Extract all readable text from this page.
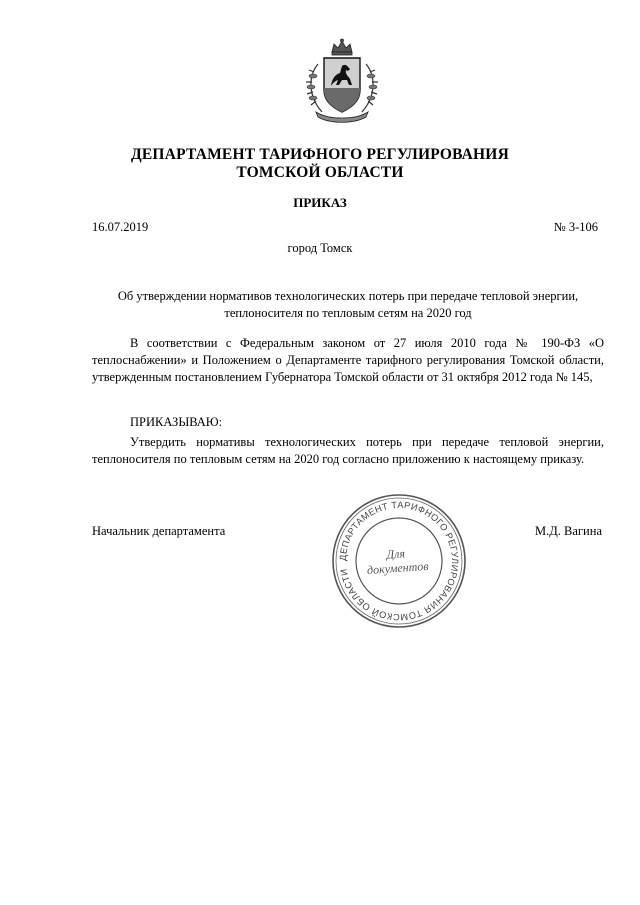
ДЕПАРТАМЕНТ ТАРИФНОГО РЕГУЛИРОВАНИЯ
ТОМСКОЙ ОБЛАСТИ
ПРИКАЗ
16.07.2019	№ 3-106
город Томск
Об утверждении нормативов технологических потерь при передаче тепловой энергии,
теплоносителя по тепловым сетям на 2020 год
В соответствии с Федеральным законом от 27 июля 2010 года № 190-ФЗ «О теплоснабжении» и Положением о Департаменте тарифного регулирования Томской области, утвержденным постановлением Губернатора Томской области от 31 октября 2012 года № 145,
ПРИКАЗЫВАЮ:
Утвердить нормативы технологических потерь при передаче тепловой энергии, теплоносителя по тепловым сетям на 2020 год согласно приложению к настоящему приказу.
Начальник департамента	М.Д. Вагина
ДЕПАРТАМЕНТ ТАРИФНОГО РЕГУЛИРОВАНИЯ ТОМСКОЙ ОБЛАСТИ
Для
документов
